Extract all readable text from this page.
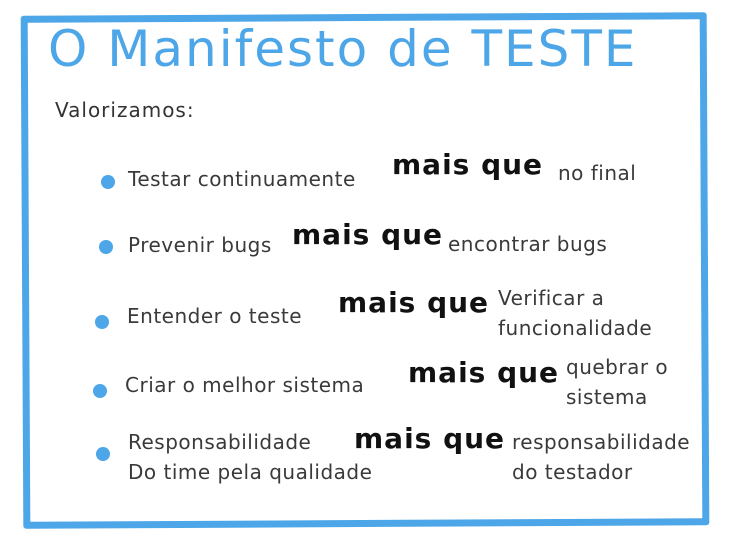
O Manifesto de TESTE
Valorizamos:
Testar continuamente mais que no final
Prevenir bugs mais que encontrar bugs
Entender o teste mais que Verificar a
funcionalidade
Criar o melhor sistema mais que quebrar o
sistema
Responsabilidade
Do time pela qualidade
mais que responsabilidade
do testador
